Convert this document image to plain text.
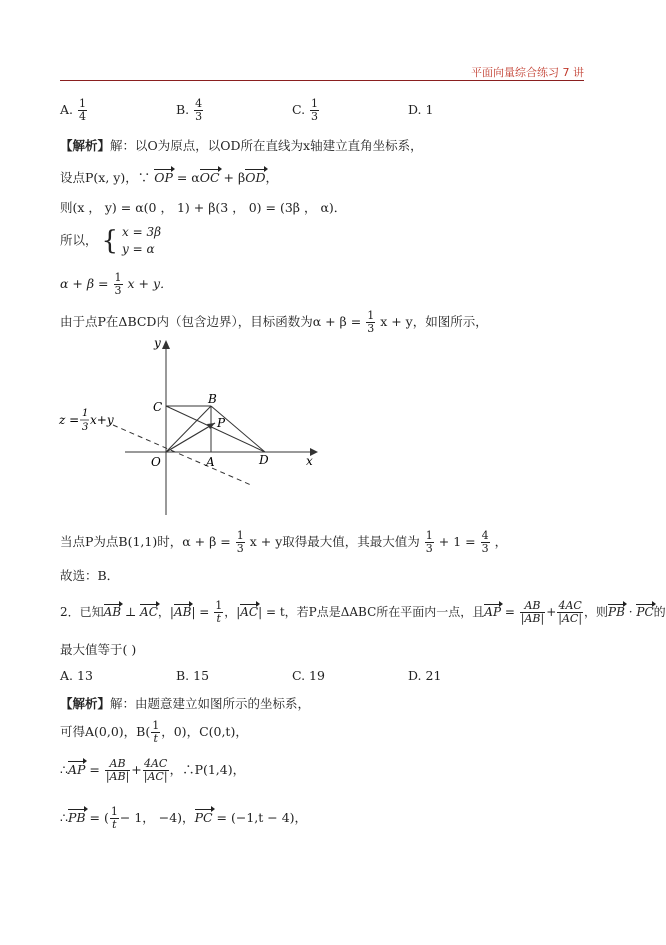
平面向量综合练习 7 讲
A. $\frac{1}{4}$	B. $\frac{4}{3}$	C. $\frac{1}{3}$	D. 1
【解析】解：以O为原点，以OD所在直线为x轴建立直角坐标系，
设点P(x, y)，∵ OP = αOC + βOD，
则(x ， y) = α(0 ， 1) + β(3 ， 0) = (3β ， α)．
所以， { x = 3β
y = α
$\alpha + \beta = \frac{1}{3}$ x + y．
由于点P在ΔBCD内（包含边界），目标函数为$\alpha + \beta = \frac{1}{3}$ x + y，如图所示，
y
x
O	A
B
C
D
P
z = 1
3
x+y
当点P为点B(1,1)时，$\alpha + \beta = \frac{1}{3}$ x + y取得最大值，其最大值为 $\frac{1}{3} + 1 = \frac{4}{3}$ ，
故选：B．
2．已知AB ⊥ AC，$|AB| = \frac{1}{t}$ ，|AC| = t，若P点是ΔABC所在平面内一点，且AP = $\frac{AB}{|AB|} + \frac{4AC}{|AC|}$ ，则PB · PC的
最大值等于( )
A. 13	B. 15	C. 19	D. 21
【解析】解：由题意建立如图所示的坐标系，
可得A(0,0)，$B( \frac{1}{t}$ ，0)，C(0,t)，
∴AP = $\frac{AB}{|AB|} + \frac{4AC}{|AC|}$ ，∴P(1,4)，
∴PB = ( $\frac{1}{t} - 1$， −4)，PC = (−1,t − 4)，
